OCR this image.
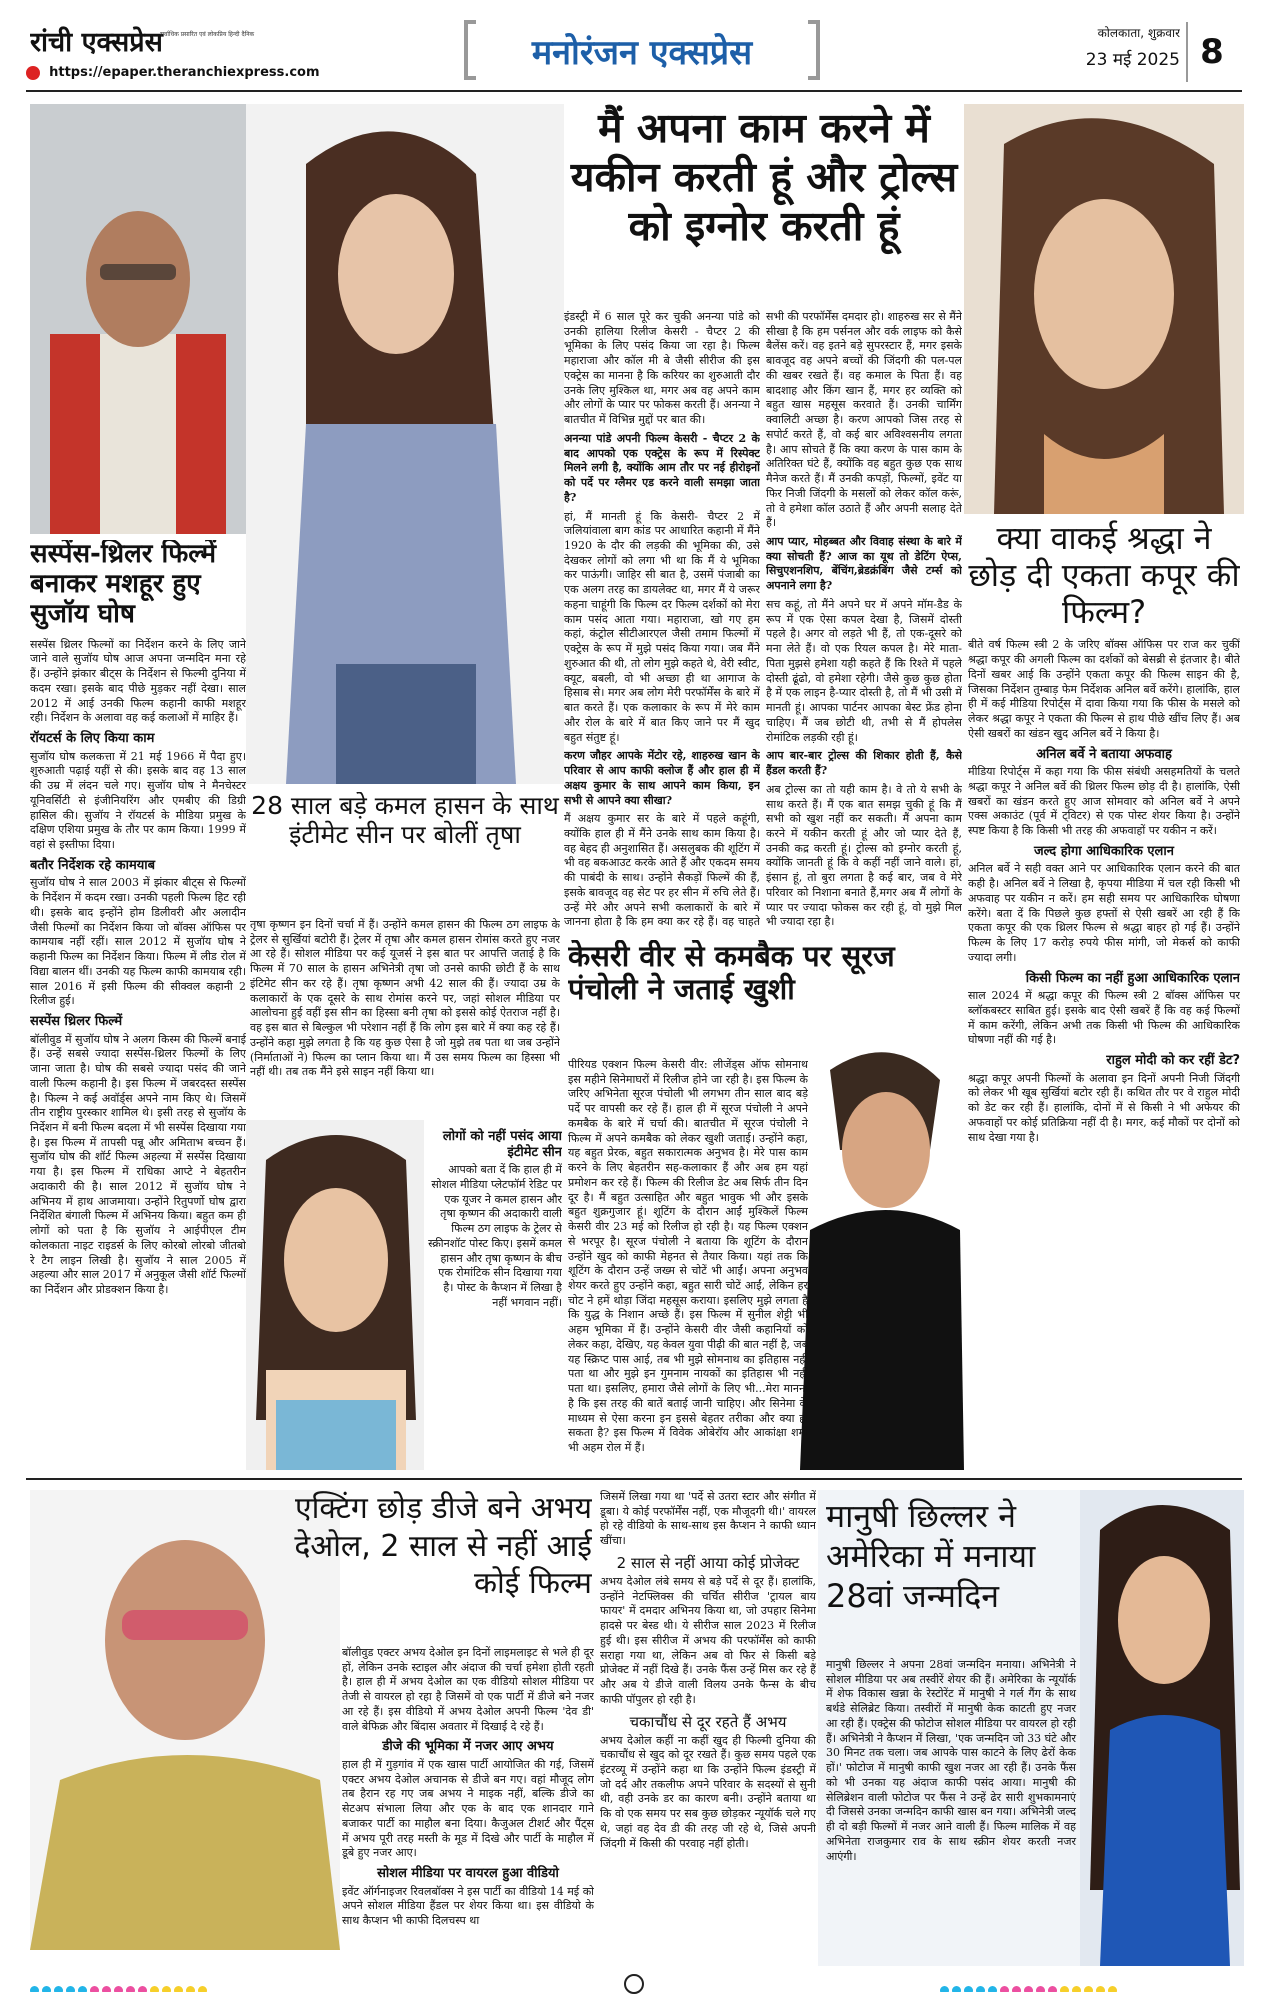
रांची एक्सप्रेस
सर्वाधिक प्रसारित एवं लोकप्रिय हिन्दी दैनिक
https://epaper.theranchiexpress.com	मनोरंजन एक्सप्रेस	कोलकाता, शुक्रवार
23 मई 2025 8
सस्पेंस-थ्रिलर फिल्में बनाकर मशहूर हुए सुजॉय घोष

सस्पेंस थ्रिलर फिल्मों का निर्देशन करने के लिए जाने जाने वाले सुजॉय घोष आज अपना जन्मदिन मना रहे हैं। उन्होंने झंकार बीट्स के निर्देशन से फिल्मी दुनिया में कदम रखा। इसके बाद पीछे मुड़कर नहीं देखा। साल 2012 में आई उनकी फिल्म कहानी काफी मशहूर रही। निर्देशन के अलावा वह कई कलाओं में माहिर हैं।

रॉयटर्स के लिए किया काम

सुजॉय घोष कलकत्ता में 21 मई 1966 में पैदा हुए। शुरुआती पढ़ाई यहीं से की। इसके बाद वह 13 साल की उम्र में लंदन चले गए। सुजॉय घोष ने मैनचेस्टर यूनिवर्सिटी से इंजीनियरिंग और एमबीए की डिग्री हासिल की। सुजॉय ने रॉयटर्स के मीडिया प्रमुख के दक्षिण एशिया प्रमुख के तौर पर काम किया। 1999 में वहां से इस्तीफा दिया।

बतौर निर्देशक रहे कामयाब

सुजॉय घोष ने साल 2003 में झंकार बीट्स से फिल्मों के निर्देशन में कदम रखा। उनकी पहली फिल्म हिट रही थी। इसके बाद इन्होंने होम डिलीवरी और अलादीन जैसी फिल्मों का निर्देशन किया जो बॉक्स ऑफिस पर कामयाब नहीं रहीं। साल 2012 में सुजॉय घोष ने कहानी फिल्म का निर्देशन किया। फिल्म में लीड रोल में विद्या बालन थीं। उनकी यह फिल्म काफी कामयाब रही। साल 2016 में इसी फिल्म की सीक्वल कहानी 2 रिलीज हुई।

सस्पेंस थ्रिलर फिल्में

बॉलीवुड में सुजॉय घोष ने अलग किस्म की फिल्में बनाई हैं। उन्हें सबसे ज्यादा सस्पेंस-थ्रिलर फिल्मों के लिए जाना जाता है। घोष की सबसे ज्यादा पसंद की जाने वाली फिल्म कहानी है। इस फिल्म में जबरदस्त सस्पेंस है। फिल्म ने कई अवॉर्ड्स अपने नाम किए थे। जिसमें तीन राष्ट्रीय पुरस्कार शामिल थे। इसी तरह से सुजॉय के निर्देशन में बनी फिल्म बदला में भी सस्पेंस दिखाया गया है। इस फिल्म में तापसी पन्नू और अमिताभ बच्चन हैं। सुजॉय घोष की शॉर्ट फिल्म अहल्या में सस्पेंस दिखाया गया है। इस फिल्म में राधिका आप्टे ने बेहतरीन अदाकारी की है। साल 2012 में सुजॉय घोष ने अभिनय में हाथ आजमाया। उन्होंने रितुपर्णो घोष द्वारा निर्देशित बंगाली फिल्म में अभिनय किया। बहुत कम ही लोगों को पता है कि सुजॉय ने आईपीएल टीम कोलकाता नाइट राइडर्स के लिए कोरबो लोरबो जीतबो रे टैग लाइन लिखी है। सुजॉय ने साल 2005 में अहल्या और साल 2017 में अनुकूल जैसी शॉर्ट फिल्मों का निर्देशन और प्रोडक्शन किया है।

मैं अपना काम करने में यकीन करती हूं और ट्रोल्स को इग्नोर करती हूं

इंडस्ट्री में 6 साल पूरे कर चुकी अनन्या पांडे को उनकी हालिया रिलीज केसरी - चैप्टर 2 की भूमिका के लिए पसंद किया जा रहा है। फिल्म महाराजा और कॉल मी बे जैसी सीरीज की इस एक्ट्रेस का मानना है कि करियर का शुरुआती दौर उनके लिए मुश्किल था, मगर अब वह अपने काम और लोगों के प्यार पर फोकस करती हैं। अनन्या ने बातचीत में विभिन्न मुद्दों पर बात की।

अनन्या पांडे अपनी फिल्म केसरी - चैप्टर 2 के बाद आपको एक एक्ट्रेस के रूप में रिस्पेक्ट मिलने लगी है, क्योंकि आम तौर पर नई हीरोइनों को पर्दे पर ग्लैमर एड करने वाली समझा जाता है?

हां, मैं मानती हूं कि केसरी- चैप्टर 2 में जलियांवाला बाग कांड पर आधारित कहानी में मैंने 1920 के दौर की लड़की की भूमिका की, उसे देखकर लोगों को लगा भी था कि मैं ये भूमिका कर पाऊंगी। जाहिर सी बात है, उसमें पंजाबी का एक अलग तरह का डायलेक्ट था, मगर मैं ये जरूर कहना चाहूंगी कि फिल्म दर फिल्म दर्शकों को मेरा काम पसंद आता गया। महाराजा, खो गए हम कहां, कंट्रोल सीटीआरएल जैसी तमाम फिल्मों में एक्ट्रेस के रूप में मुझे पसंद किया गया। जब मैंने शुरुआत की थी, तो लोग मुझे कहते थे, वेरी स्वीट, क्यूट, बबली, वो भी अच्छा ही था आगाज के हिसाब से। मगर अब लोग मेरी परफॉर्मेंस के बारे में बात करते हैं। एक कलाकार के रूप में मेरे काम और रोल के बारे में बात किए जाने पर मैं खुद बहुत संतुष्ट हूं।

करण जौहर आपके मेंटोर रहे, शाहरुख खान के परिवार से आप काफी क्लोज हैं और हाल ही में अक्षय कुमार के साथ आपने काम किया, इन सभी से आपने क्या सीखा?

मैं अक्षय कुमार सर के बारे में पहले कहूंगी, क्योंकि हाल ही में मैंने उनके साथ काम किया है। वह बेहद ही अनुशासित हैं। असलुबक की शूटिंग में भी वह बकआउट करके आते हैं और एकदम समय की पाबंदी के साथ। उन्होंने सैकड़ों फिल्में की हैं, इसके बावजूद वह सेट पर हर सीन में रुचि लेते हैं। उन्हें मेरे और अपने सभी कलाकारों के बारे में जानना होता है कि हम क्या कर रहे हैं। वह चाहते

सभी की परफॉर्मेंस दमदार हो। शाहरुख सर से मैंने सीखा है कि हम पर्सनल और वर्क लाइफ को कैसे बैलेंस करें। वह इतने बड़े सुपरस्टार हैं, मगर इसके बावजूद वह अपने बच्चों की जिंदगी की पल-पल की खबर रखते हैं। वह कमाल के पिता हैं। वह बादशाह और किंग खान हैं, मगर हर व्यक्ति को बहुत खास महसूस करवाते हैं। उनकी चार्मिंग क्वालिटी अच्छा है। करण आपको जिस तरह से सपोर्ट करते हैं, वो कई बार अविश्वसनीय लगता है। आप सोचते हैं कि क्या करण के पास काम के अतिरिक्त घंटे हैं, क्योंकि वह बहुत कुछ एक साथ मैनेज करते हैं। मैं उनकी कपड़ों, फिल्मों, इवेंट या फिर निजी जिंदगी के मसलों को लेकर कॉल करूं, तो वे हमेशा कॉल उठाते हैं और अपनी सलाह देते हैं।

आप प्यार, मोहब्बत और विवाह संस्था के बारे में क्या सोचती हैं? आज का यूथ तो डेटिंग ऐप्स, सिचुएशनशिप, बेंचिंग,ब्रेडक्रंबिंग जैसे टर्म्स को अपनाने लगा है?

सच कहूं, तो मैंने अपने घर में अपने मॉम-डैड के रूप में एक ऐसा कपल देखा है, जिसमें दोस्ती पहले है। अगर वो लड़ते भी हैं, तो एक-दूसरे को मना लेते हैं। वो एक रियल कपल है। मेरे माता-पिता मुझसे हमेशा यही कहते हैं कि रिश्ते में पहले दोस्ती ढूंढो, वो हमेशा रहेगी। जैसे कुछ कुछ होता है में एक लाइन है-प्यार दोस्ती है, तो मैं भी उसी में मानती हूं। आपका पार्टनर आपका बेस्ट फ्रेंड होना चाहिए। मैं जब छोटी थी, तभी से मैं होपलेस रोमांटिक लड़की रही हूं।

आप बार-बार ट्रोल्स की शिकार होती हैं, कैसे हैंडल करती हैं?

अब ट्रोल्स का तो यही काम है। वे तो ये सभी के साथ करते हैं। मैं एक बात समझ चुकी हूं कि मैं सभी को खुश नहीं कर सकती। मैं अपना काम करने में यकीन करती हूं और जो प्यार देते हैं, उनकी कद्र करती हूं। ट्रोल्स को इग्नोर करती हूं, क्योंकि जानती हूं कि वे कहीं नहीं जाने वाले। हां, इंसान हूं, तो बुरा लगता है कई बार, जब वे मेरे परिवार को निशाना बनाते हैं,मगर अब मैं लोगों के प्यार पर ज्यादा फोकस कर रही हूं, वो मुझे मिल भी ज्यादा रहा है।

क्या वाकई श्रद्धा ने छोड़ दी एकता कपूर की फिल्म?

बीते वर्ष फिल्म स्त्री 2 के जरिए बॉक्स ऑफिस पर राज कर चुकीं श्रद्धा कपूर की अगली फिल्म का दर्शकों को बेसब्री से इंतजार है। बीते दिनों खबर आई कि उन्होंने एकता कपूर की फिल्म साइन की है, जिसका निर्देशन तुम्बाड़ फेम निर्देशक अनिल बर्वे करेंगे। हालांकि, हाल ही में कई मीडिया रिपोर्ट्स में दावा किया गया कि फीस के मसले को लेकर श्रद्धा कपूर ने एकता की फिल्म से हाथ पीछे खींच लिए हैं। अब ऐसी खबरों का खंडन खुद अनिल बर्वे ने किया है।

अनिल बर्वे ने बताया अफवाह

मीडिया रिपोर्ट्स में कहा गया कि फीस संबंधी असहमतियों के चलते श्रद्धा कपूर ने अनिल बर्वे की थ्रिलर फिल्म छोड़ दी है। हालांकि, ऐसी खबरों का खंडन करते हुए आज सोमवार को अनिल बर्वे ने अपने एक्स अकाउंट (पूर्व में ट्विटर) से एक पोस्ट शेयर किया है। उन्होंने स्पष्ट किया है कि किसी भी तरह की अफवाहों पर यकीन न करें।

जल्द होगा आधिकारिक एलान

अनिल बर्वे ने सही वक्त आने पर आधिकारिक एलान करने की बात कही है। अनिल बर्वे ने लिखा है, कृपया मीडिया में चल रही किसी भी अफवाह पर यकीन न करें। हम सही समय पर आधिकारिक घोषणा करेंगे। बता दें कि पिछले कुछ हफ्तों से ऐसी खबरें आ रही हैं कि एकता कपूर की एक थ्रिलर फिल्म से श्रद्धा बाहर हो गई हैं। उन्होंने फिल्म के लिए 17 करोड़ रुपये फीस मांगी, जो मेकर्स को काफी ज्यादा लगी।

किसी फिल्म का नहीं हुआ आधिकारिक एलान

साल 2024 में श्रद्धा कपूर की फिल्म स्त्री 2 बॉक्स ऑफिस पर ब्लॉकबस्टर साबित हुई। इसके बाद ऐसी खबरें हैं कि वह कई फिल्मों में काम करेंगी, लेकिन अभी तक किसी भी फिल्म की आधिकारिक घोषणा नहीं की गई है।

राहुल मोदी को कर रहीं डेट?

श्रद्धा कपूर अपनी फिल्मों के अलावा इन दिनों अपनी निजी जिंदगी को लेकर भी खूब सुर्खियां बटोर रही हैं। कथित तौर पर वे राहुल मोदी को डेट कर रही हैं। हालांकि, दोनों में से किसी ने भी अफेयर की अफवाहों पर कोई प्रतिक्रिया नहीं दी है। मगर, कई मौकों पर दोनों को साथ देखा गया है।

28 साल बड़े कमल हासन के साथ इंटीमेट सीन पर बोलीं तृषा

तृषा कृष्णन इन दिनों चर्चा में हैं। उन्होंने कमल हासन की फिल्म ठग लाइफ के ट्रेलर से सुर्खियां बटोरी हैं। ट्रेलर में तृषा और कमल हासन रोमांस करते हुए नजर आ रहे हैं। सोशल मीडिया पर कई यूजर्स ने इस बात पर आपत्ति जताई है कि फिल्म में 70 साल के हासन अभिनेत्री तृषा जो उनसे काफी छोटी हैं के साथ इंटिमेट सीन कर रहे हैं। तृषा कृष्णन अभी 42 साल की हैं। ज्यादा उम्र के कलाकारों के एक दूसरे के साथ रोमांस करने पर, जहां सोशल मीडिया पर आलोचना हुई वहीं इस सीन का हिस्सा बनी तृषा को इससे कोई ऐतराज नहीं है। वह इस बात से बिल्कुल भी परेशान नहीं हैं कि लोग इस बारे में क्या कह रहे हैं। उन्होंने कहा मुझे लगता है कि यह कुछ ऐसा है जो मुझे तब पता था जब उन्होंने (निर्माताओं ने) फिल्म का प्लान किया था। मैं उस समय फिल्म का हिस्सा भी नहीं थी। तब तक मैंने इसे साइन नहीं किया था।

लोगों को नहीं पसंद आया इंटीमेट सीन

आपको बता दें कि हाल ही में सोशल मीडिया प्लेटफॉर्म रेडिट पर एक यूजर ने कमल हासन और तृषा कृष्णन की अदाकारी वाली फिल्म ठग लाइफ के ट्रेलर से स्क्रीनशॉट पोस्ट किए। इसमें कमल हासन और तृषा कृष्णन के बीच एक रोमांटिक सीन दिखाया गया है। पोस्ट के कैप्शन में लिखा है नहीं भगवान नहीं।

केसरी वीर से कमबैक पर सूरज पंचोली ने जताई खुशी

पीरियड एक्शन फिल्म केसरी वीर: लीजेंड्स ऑफ सोमनाथ इस महीने सिनेमाघरों में रिलीज होने जा रही है। इस फिल्म के जरिए अभिनेता सूरज पंचोली भी लगभग तीन साल बाद बड़े पर्दे पर वापसी कर रहे हैं। हाल ही में सूरज पंचोली ने अपने कमबैक के बारे में चर्चा की। बातचीत में सूरज पंचोली ने फिल्म में अपने कमबैक को लेकर खुशी जताई। उन्होंने कहा, यह बहुत प्रेरक, बहुत सकारात्मक अनुभव है। मेरे पास काम करने के लिए बेहतरीन सह-कलाकार हैं और अब हम यहां प्रमोशन कर रहे हैं। फिल्म की रिलीज डेट अब सिर्फ तीन दिन दूर है। मैं बहुत उत्साहित और बहुत भावुक भी और इसके बहुत शुक्रगुजार हूं। शूटिंग के दौरान आईं मुश्किलें फिल्म केसरी वीर 23 मई को रिलीज हो रही है। यह फिल्म एक्शन से भरपूर है। सूरज पंचोली ने बताया कि शूटिंग के दौरान उन्होंने खुद को काफी मेहनत से तैयार किया। यहां तक कि शूटिंग के दौरान उन्हें जख्म से चोटें भी आईं। अपना अनुभव शेयर करते हुए उन्होंने कहा, बहुत सारी चोटें आईं, लेकिन हर चोट ने हमें थोड़ा जिंदा महसूस कराया। इसलिए मुझे लगता है कि युद्ध के निशान अच्छे हैं। इस फिल्म में सुनील शेट्टी भी अहम भूमिका में हैं। उन्होंने केसरी वीर जैसी कहानियों को लेकर कहा, देखिए, यह केवल युवा पीढ़ी की बात नहीं है, जब यह स्क्रिप्ट पास आई, तब भी मुझे सोमनाथ का इतिहास नहीं पता था और मुझे इन गुमनाम नायकों का इतिहास भी नहीं पता था। इसलिए, हमारा जैसे लोगों के लिए भी...मेरा मानना है कि इस तरह की बातें बताई जानी चाहिए। और सिनेमा के माध्यम से ऐसा करना इन इससे बेहतर तरीका और क्या हो सकता है? इस फिल्म में विवेक ओबेरॉय और आकांक्षा शर्मा भी अहम रोल में हैं।

एक्टिंग छोड़ डीजे बने अभय देओल, 2 साल से नहीं आई कोई फिल्म

बॉलीवुड एक्टर अभय देओल इन दिनों लाइमलाइट से भले ही दूर हों, लेकिन उनके स्टाइल और अंदाज की चर्चा हमेशा होती रहती है। हाल ही में अभय देओल का एक वीडियो सोशल मीडिया पर तेजी से वायरल हो रहा है जिसमें वो एक पार्टी में डीजे बने नजर आ रहे हैं। इस वीडियो में अभय देओल अपनी फिल्म 'देव डी' वाले बेफिक्र और बिंदास अवतार में दिखाई दे रहे हैं।

डीजे की भूमिका में नजर आए अभय

हाल ही में गुड़गांव में एक खास पार्टी आयोजित की गई, जिसमें एक्टर अभय देओल अचानक से डीजे बन गए। वहां मौजूद लोग तब हैरान रह गए जब अभय ने माइक नहीं, बल्कि डीजे का सेटअप संभाला लिया और एक के बाद एक शानदार गाने बजाकर पार्टी का माहौल बना दिया। कैजुअल टीशर्ट और पैंट्स में अभय पूरी तरह मस्ती के मूड में दिखे और पार्टी के माहौल में डूबे हुए नजर आए।

सोशल मीडिया पर वायरल हुआ वीडियो

इवेंट ऑर्गनाइजर रिवलबॉक्स ने इस पार्टी का वीडियो 14 मई को अपने सोशल मीडिया हैंडल पर शेयर किया था। इस वीडियो के साथ कैप्शन भी काफी दिलचस्प था

जिसमें लिखा गया था 'पर्दे से उतरा स्टार और संगीत में डूबा। ये कोई परफॉर्मेंस नहीं, एक मौजूदगी थी।' वायरल हो रहे वीडियो के साथ-साथ इस कैप्शन ने काफी ध्यान खींचा।

2 साल से नहीं आया कोई प्रोजेक्ट

अभय देओल लंबे समय से बड़े पर्दे से दूर हैं। हालांकि, उन्होंने नेटफ्लिक्स की चर्चित सीरीज 'ट्रायल बाय फायर' में दमदार अभिनय किया था, जो उपहार सिनेमा हादसे पर बेस्ड थी। ये सीरीज साल 2023 में रिलीज हुई थी। इस सीरीज में अभय की परफॉर्मेंस को काफी सराहा गया था, लेकिन अब वो फिर से किसी बड़े प्रोजेक्ट में नहीं दिखे हैं। उनके फैंस उन्हें मिस कर रहे हैं और अब ये डीजे वाली विलय उनके फैन्स के बीच काफी पॉपुलर हो रही है।

चकाचौंध से दूर रहते हैं अभय

अभय देओल कहीं ना कहीं खुद ही फिल्मी दुनिया की चकाचौंध से खुद को दूर रखते हैं। कुछ समय पहले एक इंटरव्यू में उन्होंने कहा था कि उन्होंने फिल्म इंडस्ट्री में जो दर्द और तकलीफ अपने परिवार के सदस्यों से सुनी थी, वही उनके डर का कारण बनी। उन्होंने बताया था कि वो एक समय पर सब कुछ छोड़कर न्यूयॉर्क चले गए थे, जहां वह देव डी की तरह जी रहे थे, जिसे अपनी जिंदगी में किसी की परवाह नहीं होती।

मानुषी छिल्लर ने अमेरिका में मनाया 28वां जन्मदिन

मानुषी छिल्लर ने अपना 28वां जन्मदिन मनाया। अभिनेत्री ने सोशल मीडिया पर अब तस्वीरें शेयर की हैं। अमेरिका के न्यूयॉर्क में शेफ विकास खन्ना के रेस्टोरेंट में मानुषी ने गर्ल गैंग के साथ बर्थडे सेलिब्रेट किया। तस्वीरों में मानुषी केक काटती हुए नजर आ रही हैं। एक्ट्रेस की फोटोज सोशल मीडिया पर वायरल हो रही हैं। अभिनेत्री ने कैप्शन में लिखा, 'एक जन्मदिन जो 33 घंटे और 30 मिनट तक चला। जब आपके पास काटने के लिए ढेरों केक हों।' फोटोज में मानुषी काफी खुश नजर आ रही हैं। उनके फैंस को भी उनका यह अंदाज काफी पसंद आया। मानुषी की सेलिब्रेशन वाली फोटोज पर फैंस ने उन्हें ढेर सारी शुभकामनाएं दी जिससे उनका जन्मदिन काफी खास बन गया। अभिनेत्री जल्द ही दो बड़ी फिल्मों में नजर आने वाली हैं। फिल्म मालिक में वह अभिनेता राजकुमार राव के साथ स्क्रीन शेयर करती नजर आएंगी।
